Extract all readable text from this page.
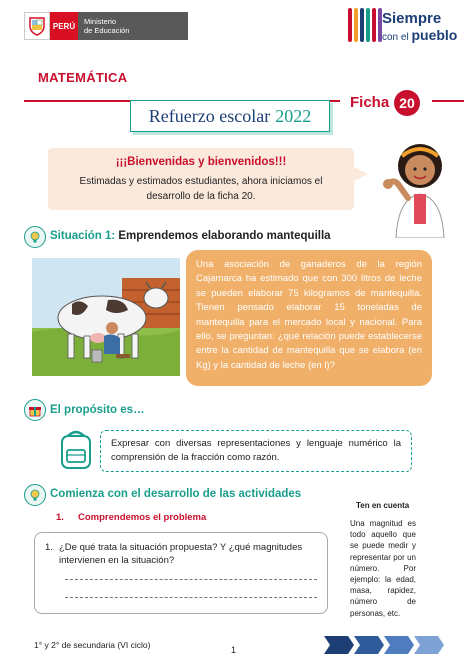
PERÚ	Ministerio
de Educación
Siempre
con el pueblo
MATEMÁTICA
Ficha 20
Refuerzo escolar 2022
¡¡¡Bienvenidas y bienvenidos!!!
Estimadas y estimados estudiantes, ahora iniciamos el
desarrollo de la ficha 20.
Situación 1: Emprendemos elaborando mantequilla
Una asociación de ganaderos de la región Cajamarca ha estimado que con 300 litros de leche se pueden elaborar 75 kilogramos de mantequilla. Tienen pensado elaborar 15 toneladas de mantequilla para el mercado local y nacional. Para ello, se preguntan: ¿qué relación puede establecerse entre la cantidad de mantequilla que se elabora (en Kg) y la cantidad de leche (en l)?
El propósito es…
Expresar con diversas representaciones y lenguaje numérico la comprensión de la fracción como razón.
Comienza con el desarrollo de las actividades
1. Comprendemos el problema
1. ¿De qué trata la situación propuesta? Y ¿qué magnitudes
intervienen en la situación?
Ten en cuenta
Una magnitud es todo aquello que se puede medir y representar por un número. Por ejemplo: la edad, masa, rapidez, número de personas, etc.
1° y 2° de secundaria (VI ciclo)	1
